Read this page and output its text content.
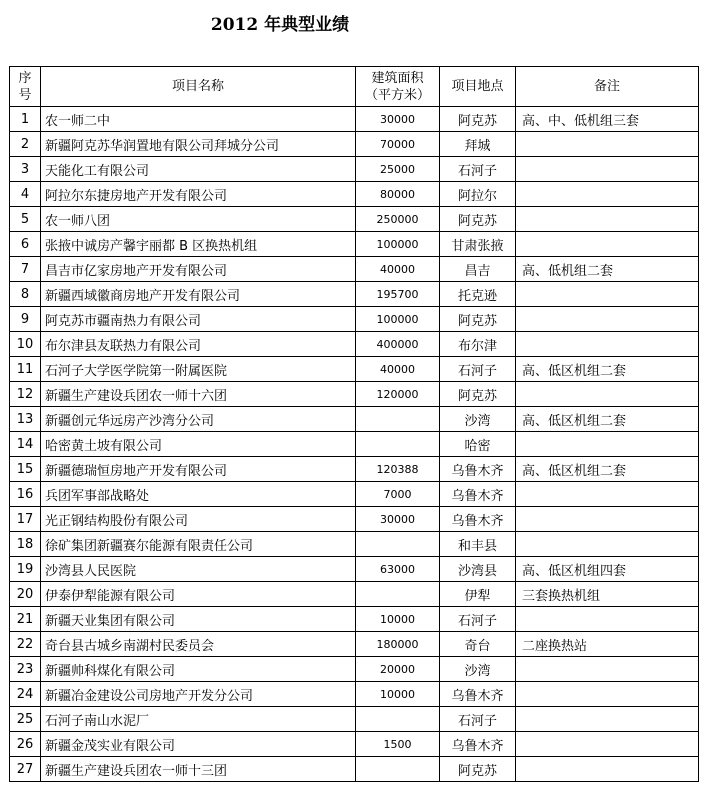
2012 年典型业绩
序
号	项目名称	建筑面积
（平方米）	项目地点	备注
1	农一师二中	30000	阿克苏	高、中、低机组三套
2	新疆阿克苏华润置地有限公司拜城分公司	70000	拜城	
3	天能化工有限公司	25000	石河子	
4	阿拉尔东捷房地产开发有限公司	80000	阿拉尔	
5	农一师八团	250000	阿克苏	
6	张掖中诚房产馨宇丽都 B 区换热机组	100000	甘肃张掖	
7	昌吉市亿家房地产开发有限公司	40000	昌吉	高、低机组二套
8	新疆西域徽商房地产开发有限公司	195700	托克逊	
9	阿克苏市疆南热力有限公司	100000	阿克苏	
10	布尔津县友联热力有限公司	400000	布尔津	
11	石河子大学医学院第一附属医院	40000	石河子	高、低区机组二套
12	新疆生产建设兵团农一师十六团	120000	阿克苏	
13	新疆创元华远房产沙湾分公司		沙湾	高、低区机组二套
14	哈密黄土坡有限公司		哈密	
15	新疆德瑞恒房地产开发有限公司	120388	乌鲁木齐	高、低区机组二套
16	兵团军事部战略处	7000	乌鲁木齐	
17	光正钢结构股份有限公司	30000	乌鲁木齐	
18	徐矿集团新疆赛尔能源有限责任公司		和丰县	
19	沙湾县人民医院	63000	沙湾县	高、低区机组四套
20	伊泰伊犁能源有限公司		伊犁	三套换热机组
21	新疆天业集团有限公司	10000	石河子	
22	奇台县古城乡南湖村民委员会	180000	奇台	二座换热站
23	新疆帅科煤化有限公司	20000	沙湾	
24	新疆冶金建设公司房地产开发分公司	10000	乌鲁木齐	
25	石河子南山水泥厂		石河子	
26	新疆金茂实业有限公司	1500	乌鲁木齐	
27	新疆生产建设兵团农一师十三团		阿克苏	
